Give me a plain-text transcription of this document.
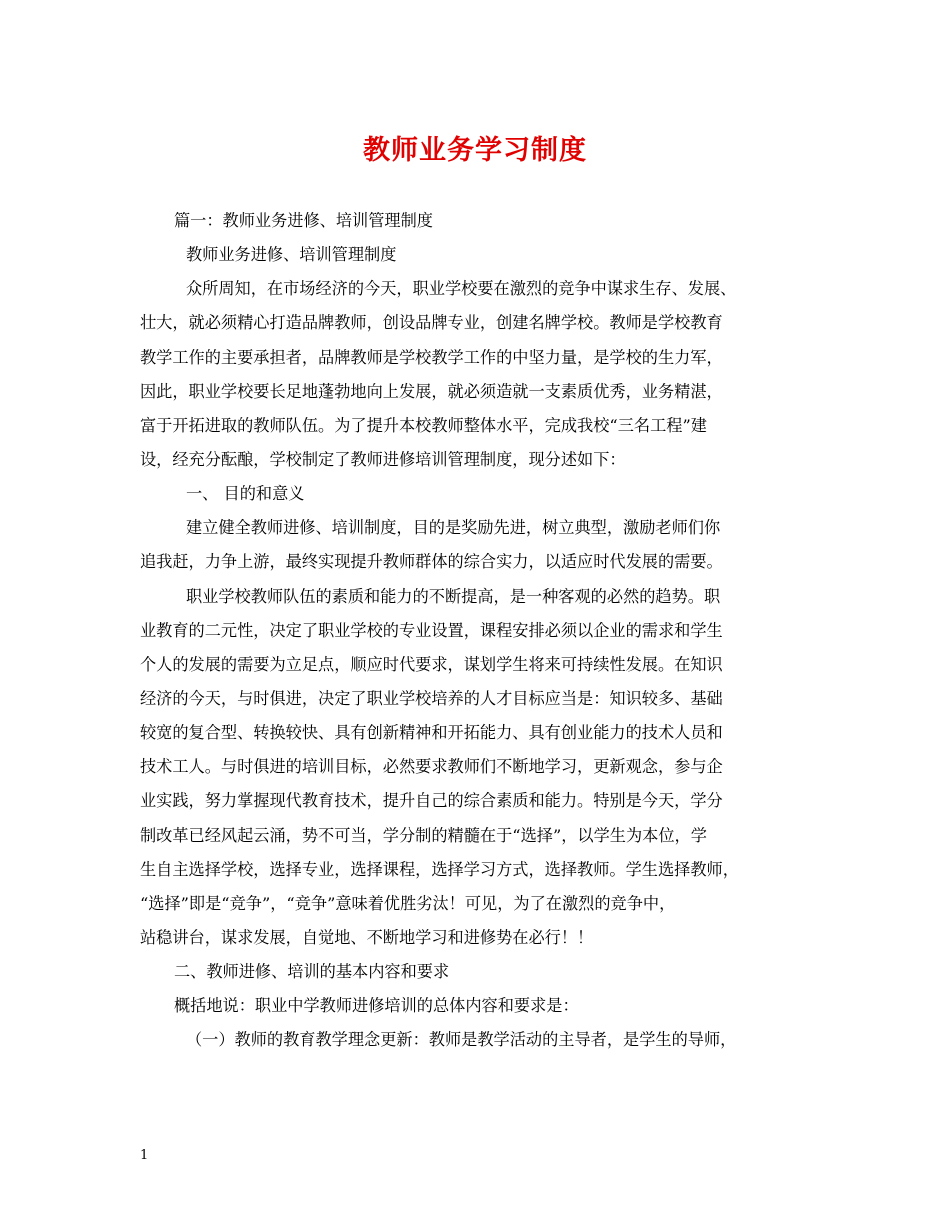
教师业务学习制度
篇一：教师业务进修、培训管理制度
教师业务进修、培训管理制度
众所周知，在市场经济的今天，职业学校要在激烈的竞争中谋求生存、发展、
壮大，就必须精心打造品牌教师，创设品牌专业，创建名牌学校。教师是学校教育
教学工作的主要承担者，品牌教师是学校教学工作的中坚力量，是学校的生力军，
因此，职业学校要长足地蓬勃地向上发展，就必须造就一支素质优秀，业务精湛，
富于开拓进取的教师队伍。为了提升本校教师整体水平，完成我校“三名工程”建
设，经充分酝酿，学校制定了教师进修培训管理制度，现分述如下：
一、 目的和意义
建立健全教师进修、培训制度，目的是奖励先进，树立典型，激励老师们你
追我赶，力争上游，最终实现提升教师群体的综合实力，以适应时代发展的需要。
职业学校教师队伍的素质和能力的不断提高，是一种客观的必然的趋势。职
业教育的二元性，决定了职业学校的专业设置，课程安排必须以企业的需求和学生
个人的发展的需要为立足点，顺应时代要求，谋划学生将来可持续性发展。在知识
经济的今天，与时俱进，决定了职业学校培养的人才目标应当是：知识较多、基础
较宽的复合型、转换较快、具有创新精神和开拓能力、具有创业能力的技术人员和
技术工人。与时俱进的培训目标，必然要求教师们不断地学习，更新观念，参与企
业实践，努力掌握现代教育技术，提升自己的综合素质和能力。特别是今天，学分
制改革已经风起云涌，势不可当，学分制的精髓在于“选择”，以学生为本位，学
生自主选择学校，选择专业，选择课程，选择学习方式，选择教师。学生选择教师，
“选择”即是“竞争”，“竞争”意味着优胜劣汰！可见，为了在激烈的竞争中，
站稳讲台，谋求发展，自觉地、不断地学习和进修势在必行！！
二、教师进修、培训的基本内容和要求
概括地说：职业中学教师进修培训的总体内容和要求是：
（一）教师的教育教学理念更新：教师是教学活动的主导者，是学生的导师，
1
